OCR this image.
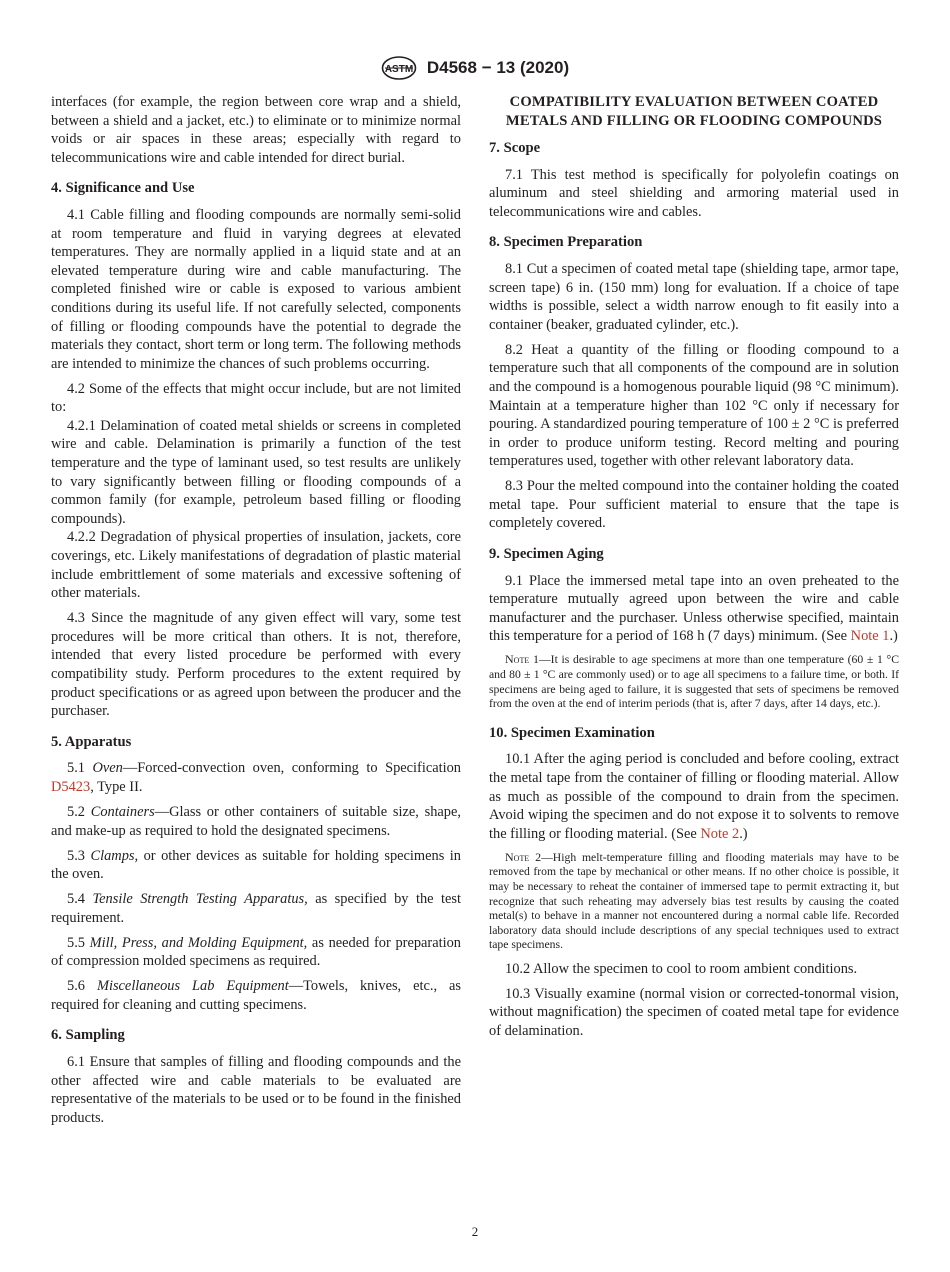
ASTM D4568 − 13 (2020)

interfaces (for example, the region between core wrap and a shield, between a shield and a jacket, etc.) to eliminate or to minimize normal voids or air spaces in these areas; especially with regard to telecommunications wire and cable intended for direct burial.

4. Significance and Use

4.1 Cable filling and flooding compounds are normally semi-solid at room temperature and fluid in varying degrees at elevated temperatures. They are normally applied in a liquid state and at an elevated temperature during wire and cable manufacturing. The completed finished wire or cable is exposed to various ambient conditions during its useful life. If not carefully selected, components of filling or flooding compounds have the potential to degrade the materials they contact, short term or long term. The following methods are intended to minimize the chances of such problems occurring.

4.2 Some of the effects that might occur include, but are not limited to:

4.2.1 Delamination of coated metal shields or screens in completed wire and cable. Delamination is primarily a function of the test temperature and the type of laminant used, so test results are unlikely to vary significantly between filling or flooding compounds of a common family (for example, petroleum based filling or flooding compounds).

4.2.2 Degradation of physical properties of insulation, jackets, core coverings, etc. Likely manifestations of degradation of plastic material include embrittlement of some materials and excessive softening of other materials.

4.3 Since the magnitude of any given effect will vary, some test procedures will be more critical than others. It is not, therefore, intended that every listed procedure be performed with every compatibility study. Perform procedures to the extent required by product specifications or as agreed upon between the producer and the purchaser.

5. Apparatus

5.1 Oven—Forced-convection oven, conforming to Specification D5423, Type II.

5.2 Containers—Glass or other containers of suitable size, shape, and make-up as required to hold the designated specimens.

5.3 Clamps, or other devices as suitable for holding specimens in the oven.

5.4 Tensile Strength Testing Apparatus, as specified by the test requirement.

5.5 Mill, Press, and Molding Equipment, as needed for preparation of compression molded specimens as required.

5.6 Miscellaneous Lab Equipment—Towels, knives, etc., as required for cleaning and cutting specimens.

6. Sampling

6.1 Ensure that samples of filling and flooding compounds and the other affected wire and cable materials to be evaluated are representative of the materials to be used or to be found in the finished products.

COMPATIBILITY EVALUATION BETWEEN COATED METALS AND FILLING OR FLOODING COMPOUNDS
7. Scope

7.1 This test method is specifically for polyolefin coatings on aluminum and steel shielding and armoring material used in telecommunications wire and cables.

8. Specimen Preparation

8.1 Cut a specimen of coated metal tape (shielding tape, armor tape, screen tape) 6 in. (150 mm) long for evaluation. If a choice of tape widths is possible, select a width narrow enough to fit easily into a container (beaker, graduated cylinder, etc.).

8.2 Heat a quantity of the filling or flooding compound to a temperature such that all components of the compound are in solution and the compound is a homogenous pourable liquid (98 °C minimum). Maintain at a temperature higher than 102 °C only if necessary for pouring. A standardized pouring temperature of 100 ± 2 °C is preferred in order to produce uniform testing. Record melting and pouring temperatures used, together with other relevant laboratory data.

8.3 Pour the melted compound into the container holding the coated metal tape. Pour sufficient material to ensure that the tape is completely covered.

9. Specimen Aging

9.1 Place the immersed metal tape into an oven preheated to the temperature mutually agreed upon between the wire and cable manufacturer and the purchaser. Unless otherwise specified, maintain this temperature for a period of 168 h (7 days) minimum. (See Note 1.)

Note 1—It is desirable to age specimens at more than one temperature (60 ± 1 °C and 80 ± 1 °C are commonly used) or to age all specimens to a failure time, or both. If specimens are being aged to failure, it is suggested that sets of specimens be removed from the oven at the end of interim periods (that is, after 7 days, after 14 days, etc.).

10. Specimen Examination

10.1 After the aging period is concluded and before cooling, extract the metal tape from the container of filling or flooding material. Allow as much as possible of the compound to drain from the specimen. Avoid wiping the specimen and do not expose it to solvents to remove the filling or flooding material. (See Note 2.)

Note 2—High melt-temperature filling and flooding materials may have to be removed from the tape by mechanical or other means. If no other choice is possible, it may be necessary to reheat the container of immersed tape to permit extracting it, but recognize that such reheating may adversely bias test results by causing the coated metal(s) to behave in a manner not encountered during a normal cable life. Recorded laboratory data should include descriptions of any special techniques used to extract tape specimens.

10.2 Allow the specimen to cool to room ambient conditions.

10.3 Visually examine (normal vision or corrected-tonormal vision, without magnification) the specimen of coated metal tape for evidence of delamination.

2
